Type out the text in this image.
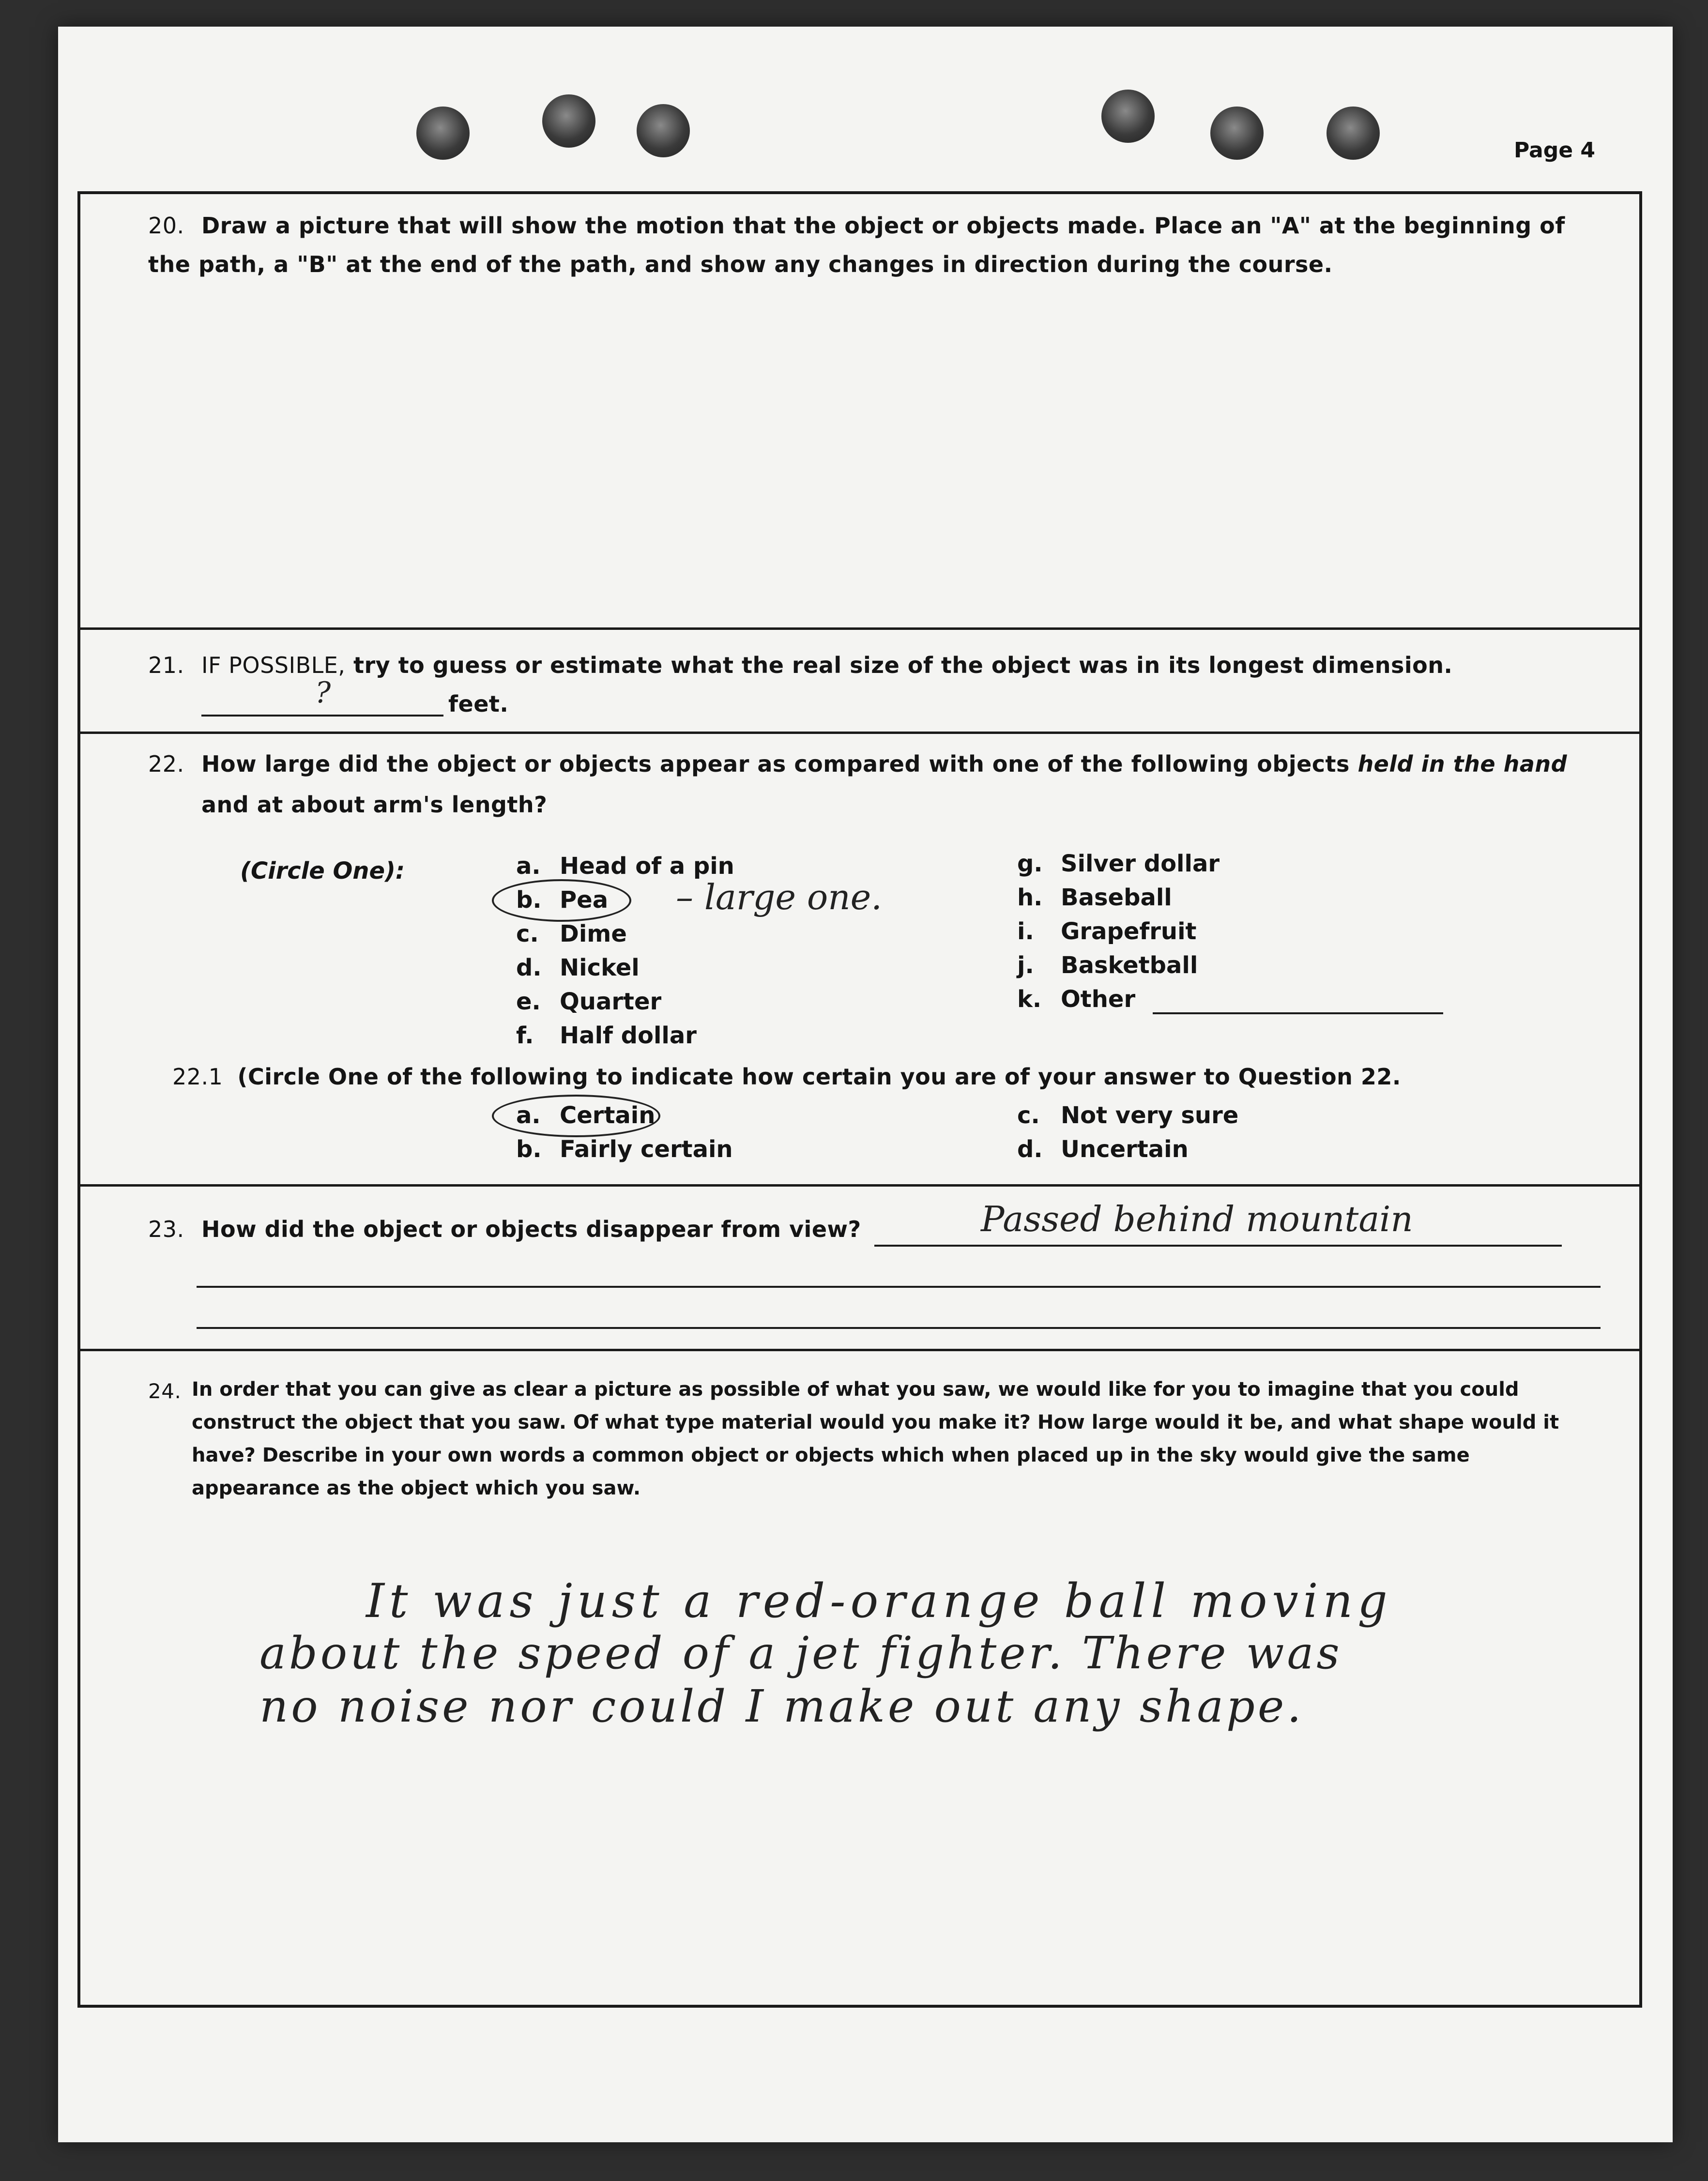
Page 4
20. Draw a picture that will show the motion that the object or objects made. Place an "A" at the beginning of the path, a "B" at the end of the path, and show any changes in direction during the course.
21. IF POSSIBLE, try to guess or estimate what the real size of the object was in its longest dimension.
?	feet.
22. How large did the object or objects appear as compared with one of the following objects held in the hand
and at about arm's length?
(Circle One):	a. Head of a pin
b. Pea – large one.
c. Dime
d. Nickel
e. Quarter
f. Half dollar
g. Silver dollar
h. Baseball
i. Grapefruit
j. Basketball
k. Other
22.1 (Circle One of the following to indicate how certain you are of your answer to Question 22.
a. Certain
b. Fairly certain
c. Not very sure
d. Uncertain
23. How did the object or objects disappear from view?	Passed behind mountain
24. In order that you can give as clear a picture as possible of what you saw, we would like for you to imagine that you could construct the object that you saw. Of what type material would you make it? How large would it be, and what shape would it have? Describe in your own words a common object or objects which when placed up in the sky would give the same appearance as the object which you saw.
It was just a red-orange ball moving
about the speed of a jet fighter. There was
no noise nor could I make out any shape.
